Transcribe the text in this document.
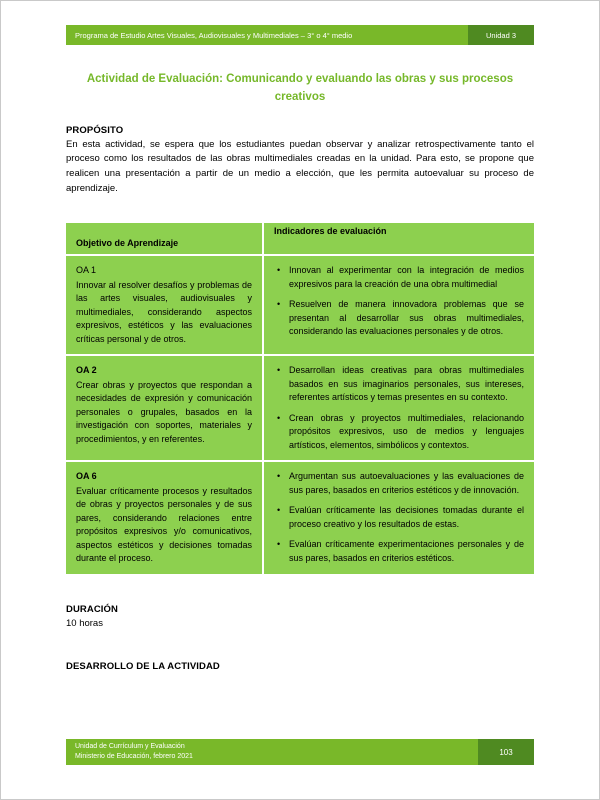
Programa de Estudio Artes Visuales, Audiovisuales y Multimediales – 3° o 4° medio	Unidad 3
Actividad de Evaluación: Comunicando y evaluando las obras y sus procesos creativos
PROPÓSITO

En esta actividad, se espera que los estudiantes puedan observar y analizar retrospectivamente tanto el proceso como los resultados de las obras multimediales creadas en la unidad. Para esto, se propone que realicen una presentación a partir de un medio a elección, que les permita autoevaluar su proceso de aprendizaje.

Objetivo de Aprendizaje
Indicadores de evaluación
OA 1

Innovar al resolver desafíos y problemas de las artes visuales, audiovisuales y multimediales, considerando aspectos expresivos, estéticos y las evaluaciones críticas personal y de otros.

• Innovan al experimentar con la integración de medios expresivos para la creación de una obra multimedial
• Resuelven de manera innovadora problemas que se presentan al desarrollar sus obras multimediales, considerando las evaluaciones personales y de otros.
OA 2

Crear obras y proyectos que respondan a necesidades de expresión y comunicación personales o grupales, basados en la investigación con soportes, materiales y procedimientos, y en referentes.

• Desarrollan ideas creativas para obras multimediales basados en sus imaginarios personales, sus intereses, referentes artísticos y temas presentes en su contexto.
• Crean obras y proyectos multimediales, relacionando propósitos expresivos, uso de medios y lenguajes artísticos, elementos, simbólicos y contextos.
OA 6

Evaluar críticamente procesos y resultados de obras y proyectos personales y de sus pares, considerando relaciones entre propósitos expresivos y/o comunicativos, aspectos estéticos y decisiones tomadas durante el proceso.

• Argumentan sus autoevaluaciones y las evaluaciones de sus pares, basados en criterios estéticos y de innovación.
• Evalúan críticamente las decisiones tomadas durante el proceso creativo y los resultados de estas.
• Evalúan críticamente experimentaciones personales y de sus pares, basados en criterios estéticos.
DURACIÓN

10 horas

DESARROLLO DE LA ACTIVIDAD
Unidad de Currículum y Evaluación
Ministerio de Educación, febrero 2021	103
